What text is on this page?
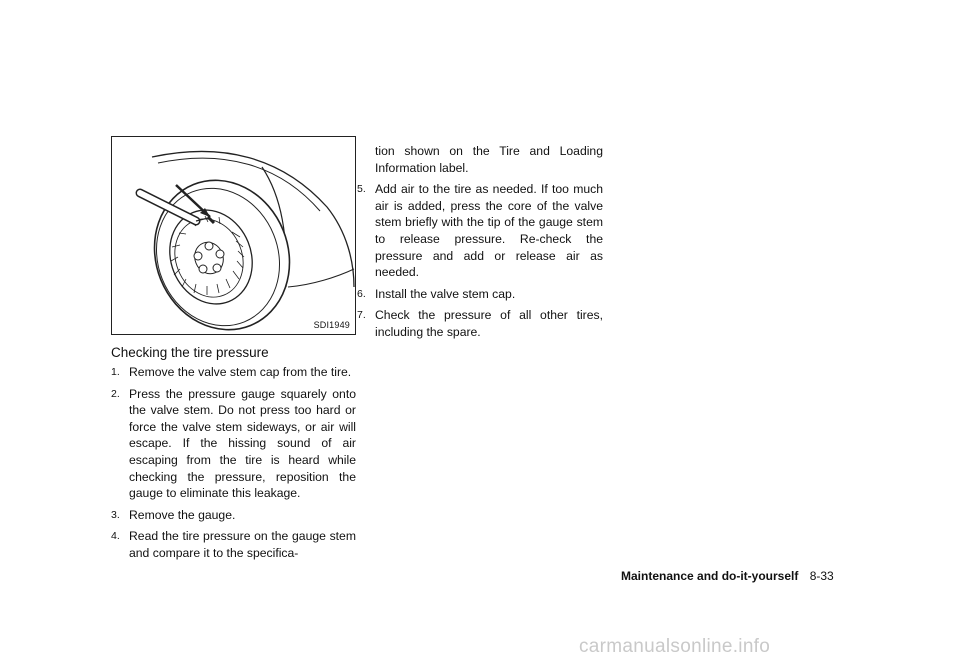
SDI1949
Checking the tire pressure
1. Remove the valve stem cap from the tire.
2. Press the pressure gauge squarely onto the valve stem. Do not press too hard or force the valve stem sideways, or air will escape. If the hissing sound of air escaping from the tire is heard while checking the pressure, reposition the gauge to eliminate this leakage.
3. Remove the gauge.
4. Read the tire pressure on the gauge stem and compare it to the specifica-
tion shown on the Tire and Loading Information label.
5. Add air to the tire as needed. If too much air is added, press the core of the valve stem briefly with the tip of the gauge stem to release pressure. Re-check the pressure and add or release air as needed.
6. Install the valve stem cap.
7. Check the pressure of all other tires, including the spare.
Maintenance and do-it-yourself 8-33
carmanualsonline.info
